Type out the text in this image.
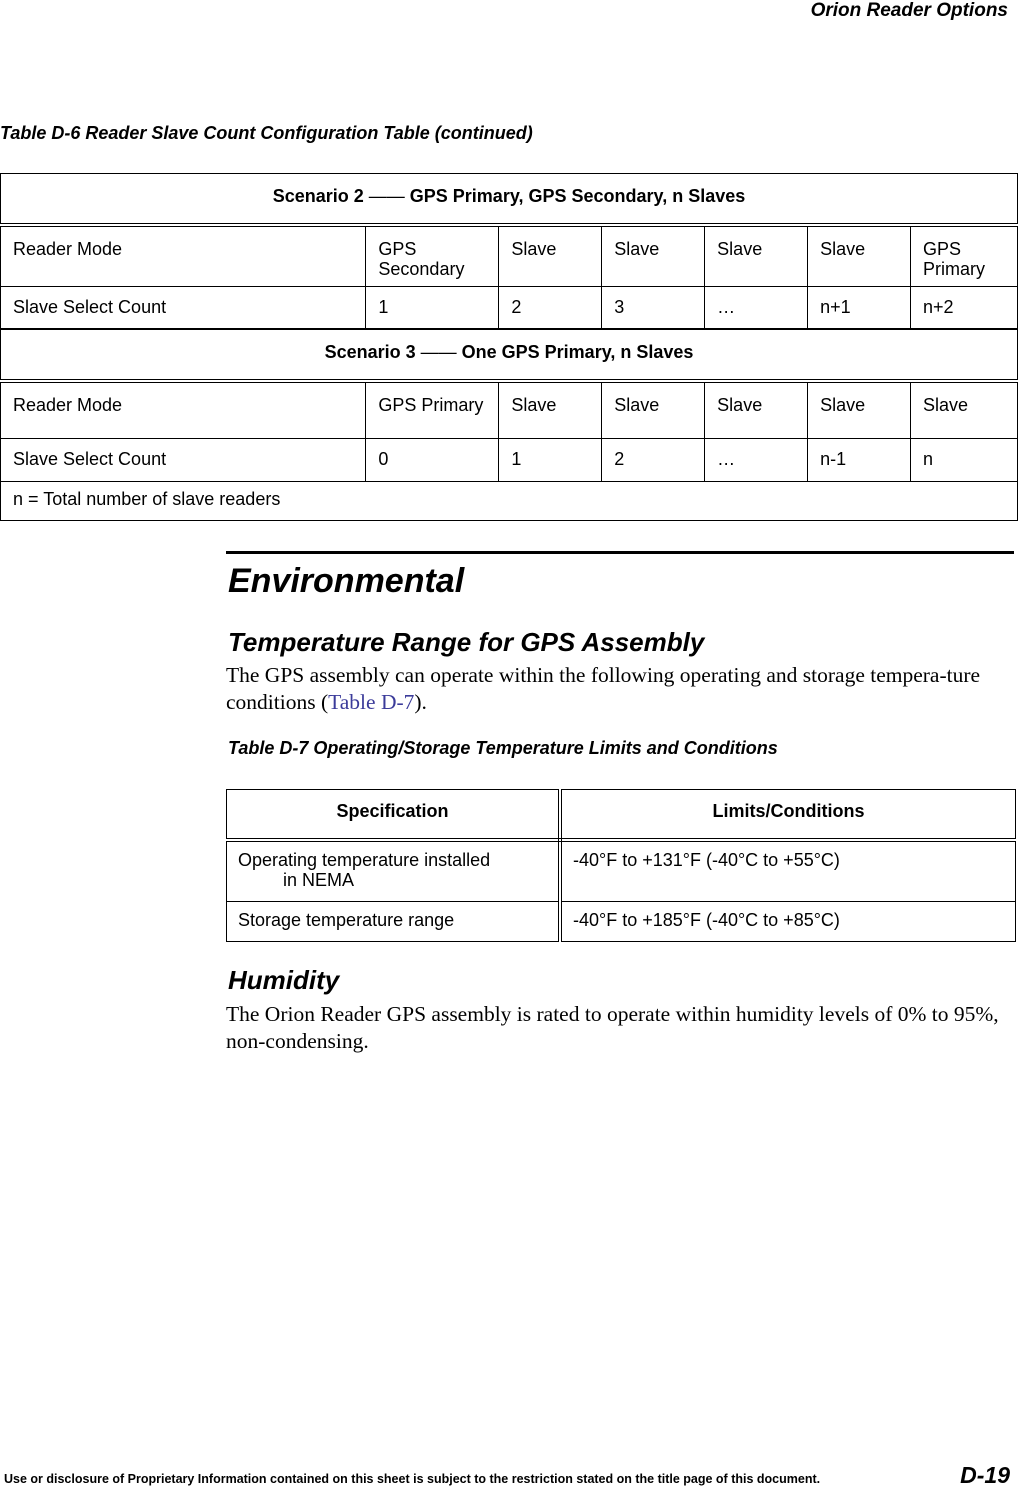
Orion Reader Options
Table D-6 Reader Slave Count Configuration Table (continued)
Scenario 2 —— GPS Primary, GPS Secondary, n Slaves						
Reader Mode	GPS Secondary	Slave	Slave	Slave	Slave	GPS Primary
Slave Select Count	1	2	3	…	n+1	n+2
Scenario 3 —— One GPS Primary, n Slaves						
Reader Mode	GPS Primary	Slave	Slave	Slave	Slave	Slave
Slave Select Count	0	1	2	…	n-1	n
n = Total number of slave readers						
Environmental
Temperature Range for GPS Assembly

The GPS assembly can operate within the following operating and storage tempera-ture conditions (Table D-7).

Table D-7 Operating/Storage Temperature Limits and Conditions
Specification	Limits/Conditions

Operating temperature installed
in NEMA	-40°F to +131°F (-40°C to +55°C)
Storage temperature range	-40°F to +185°F (-40°C to +85°C)
Humidity

The Orion Reader GPS assembly is rated to operate within humidity levels of 0% to 95%, non-condensing.

Use or disclosure of Proprietary Information contained on this sheet is subject to the restriction stated on the title page of this document.	D-19
